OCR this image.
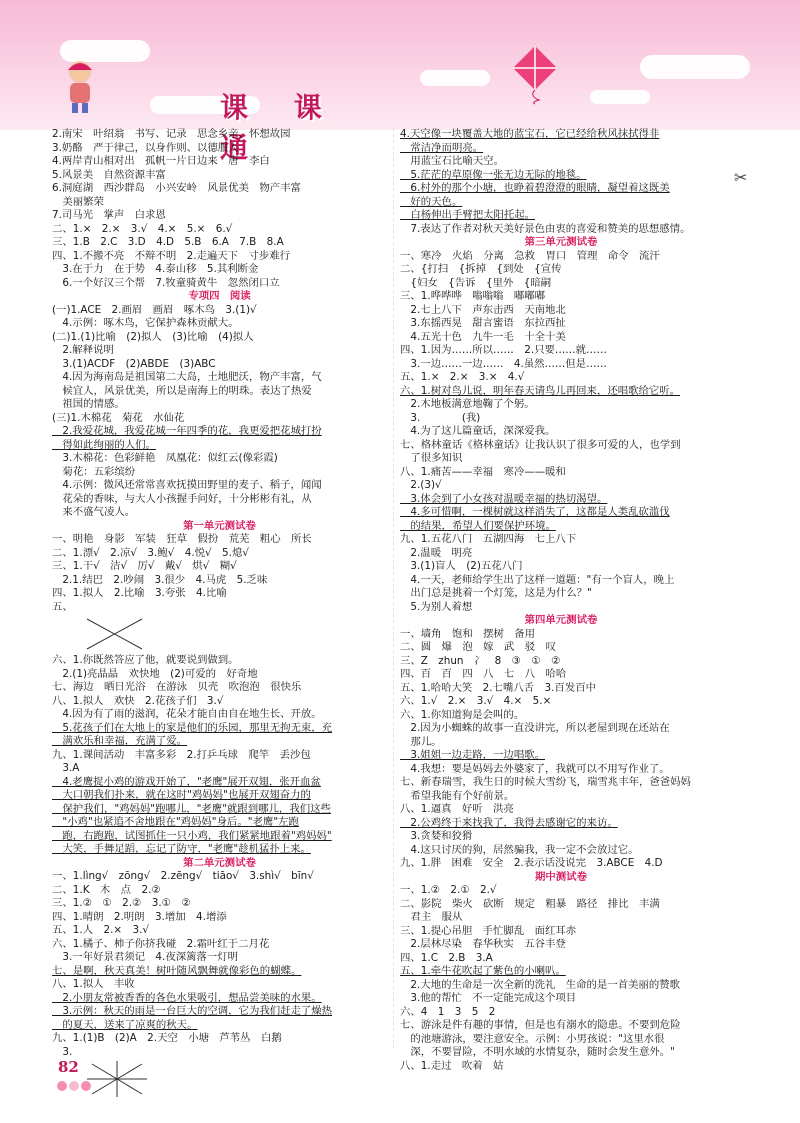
课 课 通
✂
2.南宋　叶绍翁　书写、记录　思念乡亲、怀想故园
3.奶酪　严于律己，以身作则、以德服人
4.两岸青山相对出　孤帆一片日边来　唐　李白
5.风景美　自然资源丰富
6.洞庭湖　西沙群岛　小兴安岭　风景优美　物产丰富
　美丽繁荣
7.司马光　掌声　白求恩
二、1.×　2.×　3.√　4.×　5.×　6.√
三、1.B　2.C　3.D　4.D　5.B　6.A　7.B　8.A
四、1.不搬不亮　不辩不明　2.走遍天下　寸步难行
　3.在于力　在于势　4.泰山移　5.其利断金
　6.一个好汉三个帮　7.牧童骑黄牛　忽然闭口立
专项四　阅读
(一)1.ACE　2.画眉　画眉　啄木鸟　3.(1)√
　4.示例：啄木鸟，它保护森林贡献大。
(二)1.(1)比喻　(2)拟人　(3)比喻　(4)拟人
　2.解释说明
　3.(1)ACDF　(2)ABDE　(3)ABC
　4.因为海南岛是祖国第二大岛，土地肥沃，物产丰富，气
　候宜人，风景优美，所以是南海上的明珠。表达了热爱
　祖国的情感。
(三)1.木棉花　菊花　水仙花
　2.我爱花城，我爱花城一年四季的花，我更爱把花城打扮
　得如此绚丽的人们。
　3.木棉花：色彩鲜艳　凤凰花：似红云(像彩霞)
　菊花：五彩缤纷
　4.示例：微风还常常喜欢抚摸田野里的麦子、稻子，闻闻
　花朵的香味，与大人小孩握手问好，十分彬彬有礼，从
　来不盛气凌人。
第一单元测试卷
一、明艳　身影　军装　狂草　假扮　荒芜　粗心　所长
二、1.漂√　2.凉√　3.鲍√　4.悦√　5.熄√
三、1.干√　洁√　厉√　戴√　烘√　糊√
　2.1.结巴　2.吵闹　3.很少　4.马虎　5.乏味
四、1.拟人　2.比喻　3.夸张　4.比喻
五、
六、1.你既然答应了他，就要说到做到。
　2.(1)亮晶晶　欢快地　(2)可爱的　好奇地
七、海边　晒日光浴　在游泳　贝壳　吹泡泡　很快乐
八、1.拟人　欢快　2.花孩子们　3.√
　4.因为有了雨的滋润，花朵才能自由自在地生长、开放。
　5.花孩子们在大地上的家是他们的乐园，那里无拘无束，充
　满欢乐和幸福，充满了爱。
九、1.课间活动　丰富多彩　2.打乒乓球　爬竿　丢沙包
　3.A
　4.老鹰捉小鸡的游戏开始了，"老鹰"展开双翅，张开血盆
　大口朝我们扑来，就在这时"鸡妈妈"也展开双翅奋力的
　保护我们，"鸡妈妈"跑哪儿，"老鹰"就跟到哪儿，我们这些
　"小鸡"也紧追不舍地跟在"鸡妈妈"身后。"老鹰"左跑
　跑，右跑跑，试图抓住一只小鸡，我们紧紧地跟着"鸡妈妈"
　大笑，手舞足蹈，忘记了防守，"老鹰"趁机猛扑上来。
第二单元测试卷
一、1.lìng√　zōng√　2.zēng√　tiāo√　3.shì√　bīn√
二、1.K　木　点　2.②
三、1.②　①　2.②　3.①　②
四、1.晴朗　2.明朗　3.增加　4.增添
五、1.人　2.×　3.√
六、1.橘子、柿子你挤我碰　2.霜叶红于二月花
　3.一年好景君须记　4.夜深篱落一灯明
七、是啊，秋天真美！树叶随风飘舞就像彩色的蝴蝶。
八、1.拟人　丰收
　2.小朋友常被香香的各色水果吸引，想品尝美味的水果。
　3.示例：秋天的雨是一台巨大的空调，它为我们赶走了燥热
　的夏天，送来了凉爽的秋天。
九、1.(1)B　(2)A　2.天空　小塘　芦苇丛　白鹅
　3.
4.天空像一块覆盖大地的蓝宝石，它已经给秋风抹拭得非
　常洁净而明亮。
　用蓝宝石比喻天空。
　5.茫茫的草原像一张无边无际的地毯。
　6.村外的那个小塘，也睁着碧澄澄的眼睛，凝望着这既美
　好的天色。
　白杨伸出手臂把太阳托起。
　7.表达了作者对秋天美好景色由衷的喜爱和赞美的思想感情。
第三单元测试卷
一、寒冷　火焰　分离　急救　胃口　管理　命令　流汗
二、{打扫　{拆掉　{到处　{宣传
　{妇女　{告诉　{里外　{暗嗣
三、1.哗哗哗　嗡嗡嗡　嘟嘟嘟
　2.七上八下　声东击西　天南地北
　3.东摇西晃　甜言蜜语　东拉西扯
　4.五光十色　九牛一毛　十全十美
四、1.因为……所以……　2.只要……就……
　3.一边……一边……　4.虽然……但是……
五、1.×　2.×　3.×　4.√
六、1.树对鸟儿说，明年春天请鸟儿再回来，还唱歌给它听。
　2.木地板满意地鞠了个躬。
　3.　　　　(我)
　4.为了这儿篇童话，深深爱我。
七、格林童话《格林童话》让我认识了很多可爱的人，也学到
　了很多知识
八、1.痛苦——幸福　寒冷——暖和
　2.(3)√
　3.体会到了小女孩对温暖幸福的热切渴望。
　4.多可惜啊，一棵树就这样消失了，这都是人类乱砍滥伐
　的结果，希望人们要保护环境。
九、1.五花八门　五湖四海　七上八下
　2.温暖　明亮
　3.(1)盲人　(2)五花八门
　4.一天，老师给学生出了这样一道题："有一个盲人，晚上
　出门总是挑着一个灯笼，这是为什么？"
　5.为别人着想
第四单元测试卷
一、墙角　饱和　摆树　备用
二、圆　爆　泡　嫁　武　驳　叹
三、Z　zhun　冫　8　③　①　②
四、百　百　四　八　七　八　哈哈
五、1.哈哈大笑　2.七嘴八舌　3.百发百中
六、1.√　2.×　3.√　4.×　5.×
六、1.你知道狗是会叫的。
　2.因为小蜘蛛的故事一直没讲完，所以老屋到现在还站在
　那儿。
　3.姐姐一边走路，一边唱歌。
　4.我想：要是妈妈去外婆家了，我就可以不用写作业了。
七、新春瑞雪，我生日的时候大雪纷飞，瑞雪兆丰年，爸爸妈妈
　希望我能有个好前景。
八、1.逼真　好听　洪亮
　2.公鸡终于来找我了，我得去感谢它的来访。
　3.贪婪和狡猾
　4.这只讨厌的狗，居然骗我，我一定不会放过它。
九、1.胖　困难　安全　2.表示话没说完　3.ABCE　4.D
期中测试卷
一、1.②　2.①　2.√
二、影院　柴火　砍断　规定　粗暴　路径　排比　丰满
　君主　服从
三、1.提心吊胆　手忙脚乱　面红耳赤
　2.层林尽染　春华秋实　五谷丰登
四、1.C　2.B　3.A
五、1.牵牛花吹起了紫色的小喇叭。
　2.大地的生命是一次全新的洗礼　生命的是一首美丽的赞歌
　3.他的帮忙　不一定能完成这个项目
六、4　1　3　5　2
七、游泳是件有趣的事情，但是也有溺水的隐患。不要到危险
　的池塘游泳，要注意安全。示例：小男孩说："这里水很
　深，不要冒险，不明水域的水情复杂，随时会发生意外。"
八、1.走过　吹着　姑
82
